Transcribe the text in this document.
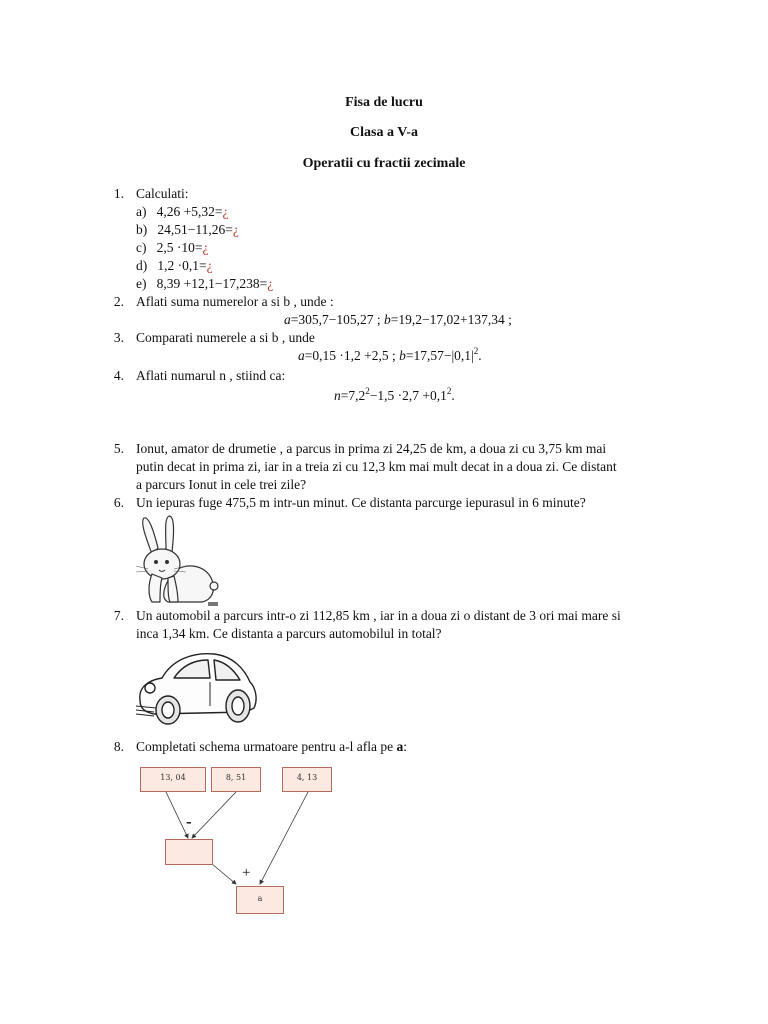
Fisa de lucru
Clasa a V-a
Operatii cu fractii zecimale
1. Calculati:
a) 4,26 +5,32=¿
b) 24,51−11,26=¿
c) 2,5 ·10=¿
d) 1,2 ·0,1=¿
e) 8,39 +12,1−17,238=¿
2. Aflati suma numerelor a si b , unde :
a=305,7−105,27 ; b=19,2−17,02+137,34 ;
3. Comparati numerele a si b , unde
a=0,15 ·1,2 +2,5 ; $b=17,57-|0,1|^2$.
4. Aflati numarul n , stiind ca:
$n=7,2^2-1,5 \cdot 2,7 +0,1^2$.
5. Ionut, amator de drumetie , a parcus in prima zi 24,25 de km, a doua zi cu 3,75 km mai
putin decat in prima zi, iar in a treia zi cu 12,3 km mai mult decat in a doua zi. Ce distant
a parcurs Ionut in cele trei zile?
6. Un iepuras fuge 475,5 m intr-un minut. Ce distanta parcurge iepurasul in 6 minute?
7. Un automobil a parcurs intr-o zi 112,85 km , iar in a doua zi o distant de 3 ori mai mare si
inca 1,34 km. Ce distanta a parcurs automobilul in total?
8. Completati schema urmatoare pentru a-l afla pe a:
13, 04	8, 51	4, 13
a
-
+
